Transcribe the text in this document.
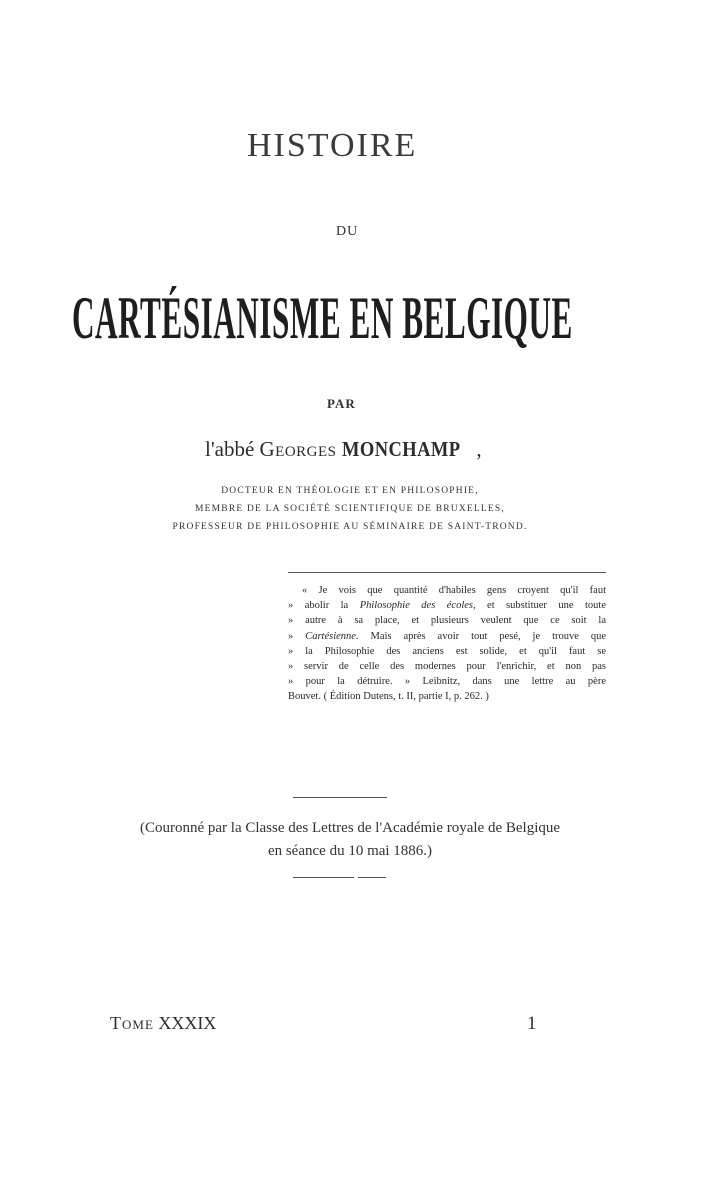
HISTOIRE
DU
CARTÉSIANISME EN BELGIQUE
PAR
l'abbé Georges MONCHAMP ,
DOCTEUR EN THÉOLOGIE ET EN PHILOSOPHIE,
MEMBRE DE LA SOCIÉTÉ SCIENTIFIQUE DE BRUXELLES,
PROFESSEUR DE PHILOSOPHIE AU SÉMINAIRE DE SAINT-TROND.
« Je vois que quantité d'habiles gens croyent qu'il faut
» abolir la Philosophie des écoles, et substituer une toute
» autre à sa place, et plusieurs veulent que ce soit la
» Cartésienne. Mais après avoir tout pesé, je trouve que
» la Philosophie des anciens est solide, et qu'il faut se
» servir de celle des modernes pour l'enrichir, et non pas
» pour la détruire. » Leibnitz, dans une lettre au père
Bouvet. ( Édition Dutens, t. II, partie I, p. 262. )
(Couronné par la Classe des Lettres de l'Académie royale de Belgique
en séance du 10 mai 1886.)
Tome XXXIX	1
